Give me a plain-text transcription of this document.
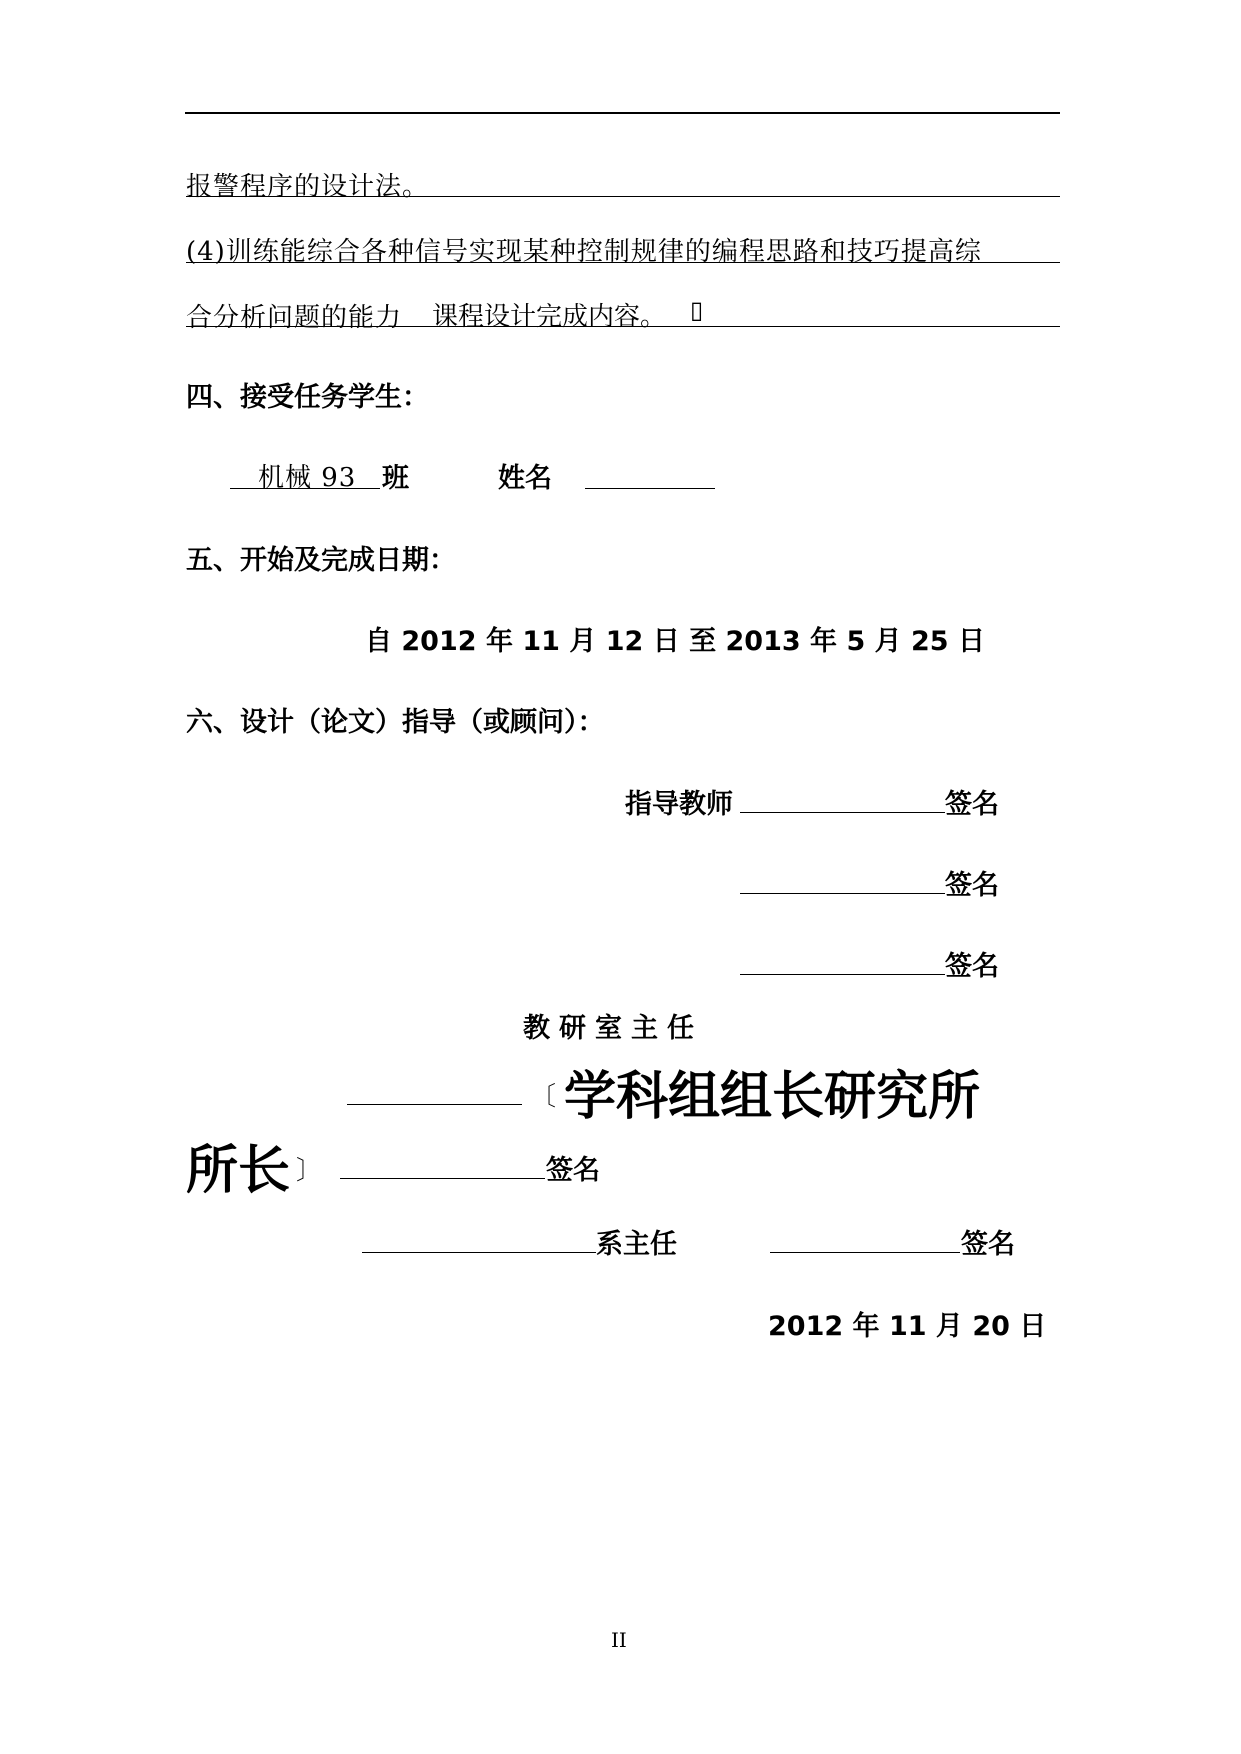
报警程序的设计法。
(4)训练能综合各种信号实现某种控制规律的编程思路和技巧提高综
合分析问题的能力 课程设计完成内容。 ▯
四、接受任务学生：
机械 93 班	姓名
五、开始及完成日期：
自 2012 年 11 月 12 日 至 2013 年 5 月 25 日
六、设计（论文）指导（或顾问）：
指导教师	签名
签名
签名
教研室主任
〔 学科组组长研究所
所长 〕	签名
系主任	签名
2012 年 11 月 20 日
II
